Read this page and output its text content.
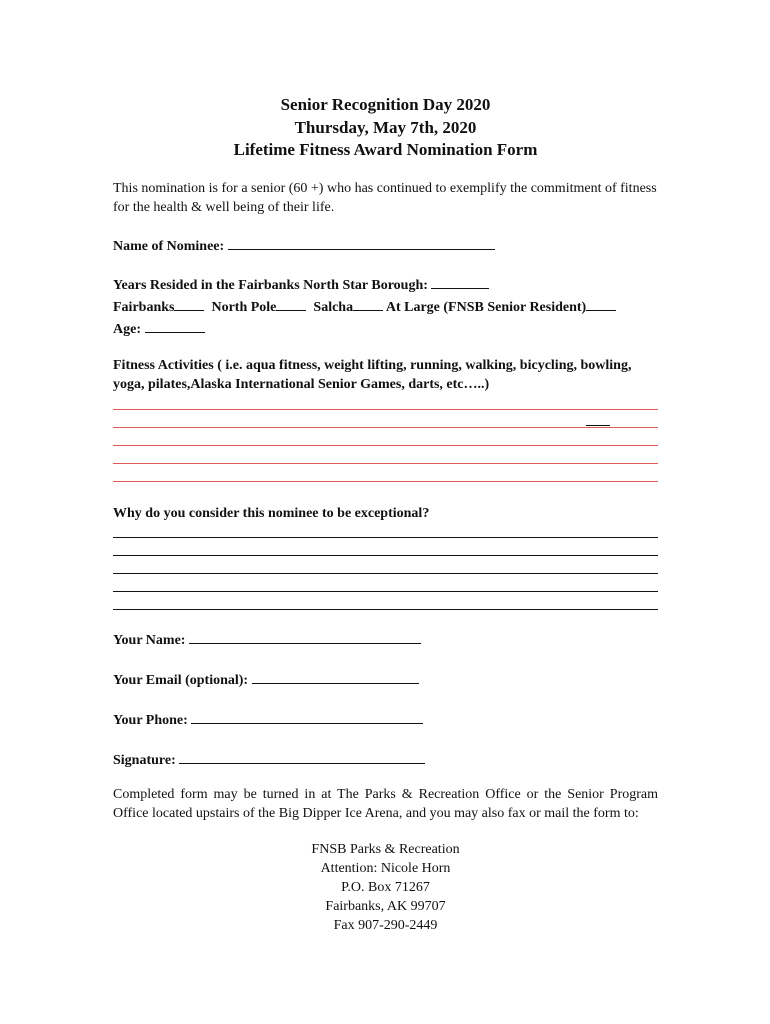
Senior Recognition Day 2020

Thursday, May 7th, 2020

Lifetime Fitness Award Nomination Form

This nomination is for a senior (60 +) who has continued to exemplify the commitment of fitness for the health & well being of their life.
Name of Nominee:
Years Resided in the Fairbanks North Star Borough:
Fairbanks	North Pole	Salcha At Large (FNSB Senior Resident)
Age:
Fitness Activities ( i.e. aqua fitness, weight lifting, running, walking, bicycling, bowling, yoga, pilates,Alaska International Senior Games, darts, etc…..)
Why do you consider this nominee to be exceptional?
Your Name:
Your Email (optional):
Your Phone:
Signature:
Completed form may be turned in at The Parks & Recreation Office or the Senior Program Office located upstairs of the Big Dipper Ice Arena, and you may also fax or mail the form to:
FNSB Parks & Recreation
Attention: Nicole Horn
P.O. Box 71267
Fairbanks, AK 99707
Fax 907-290-2449
